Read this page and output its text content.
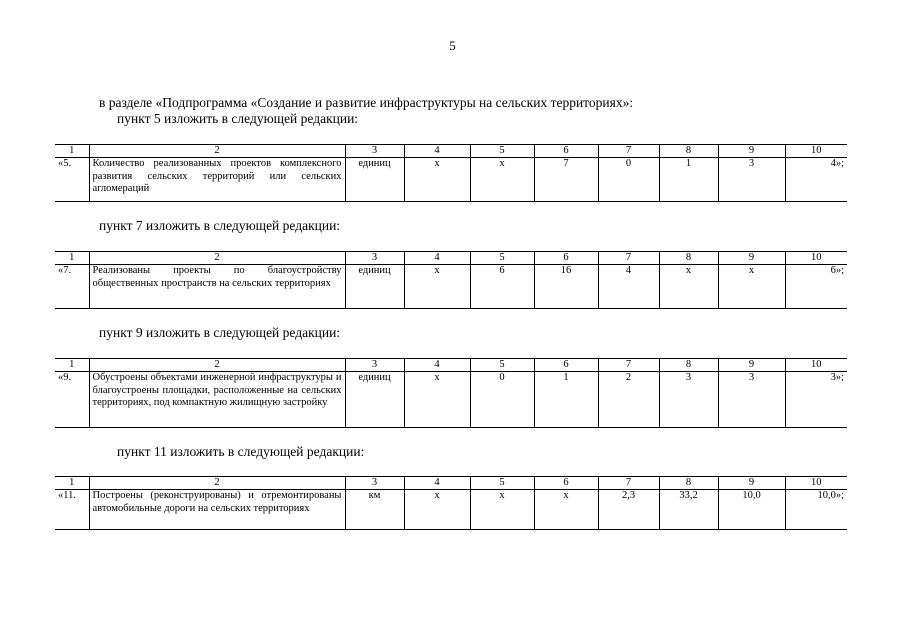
5
в разделе «Подпрограмма «Создание и развитие инфраструктуры на сельских территориях»:
пункт 5 изложить в следующей редакции:
1	2	3	4	5	6	7	8	9	10
«5.	Количество реализованных проектов комплексного развития сельских территорий или сельских агломераций	единиц	х	х	7	0	1	3	4»;
пункт 7 изложить в следующей редакции:
1	2	3	4	5	6	7	8	9	10
«7.	Реализованы проекты по благоустройству общественных пространств на сельских территориях	единиц	х	6	16	4	х	х	6»;
пункт 9 изложить в следующей редакции:
1	2	3	4	5	6	7	8	9	10
«9.	Обустроены объектами инженерной инфраструктуры и благоустроены площадки, расположенные на сельских территориях, под компактную жилищную застройку	единиц	х	0	1	2	3	3	3»;
пункт 11 изложить в следующей редакции:
1	2	3	4	5	6	7	8	9	10
«11.	Построены (реконструированы) и отремонтированы автомобильные дороги на сельских территориях	км	х	х	х	2,3	33,2	10,0	10,0»;
